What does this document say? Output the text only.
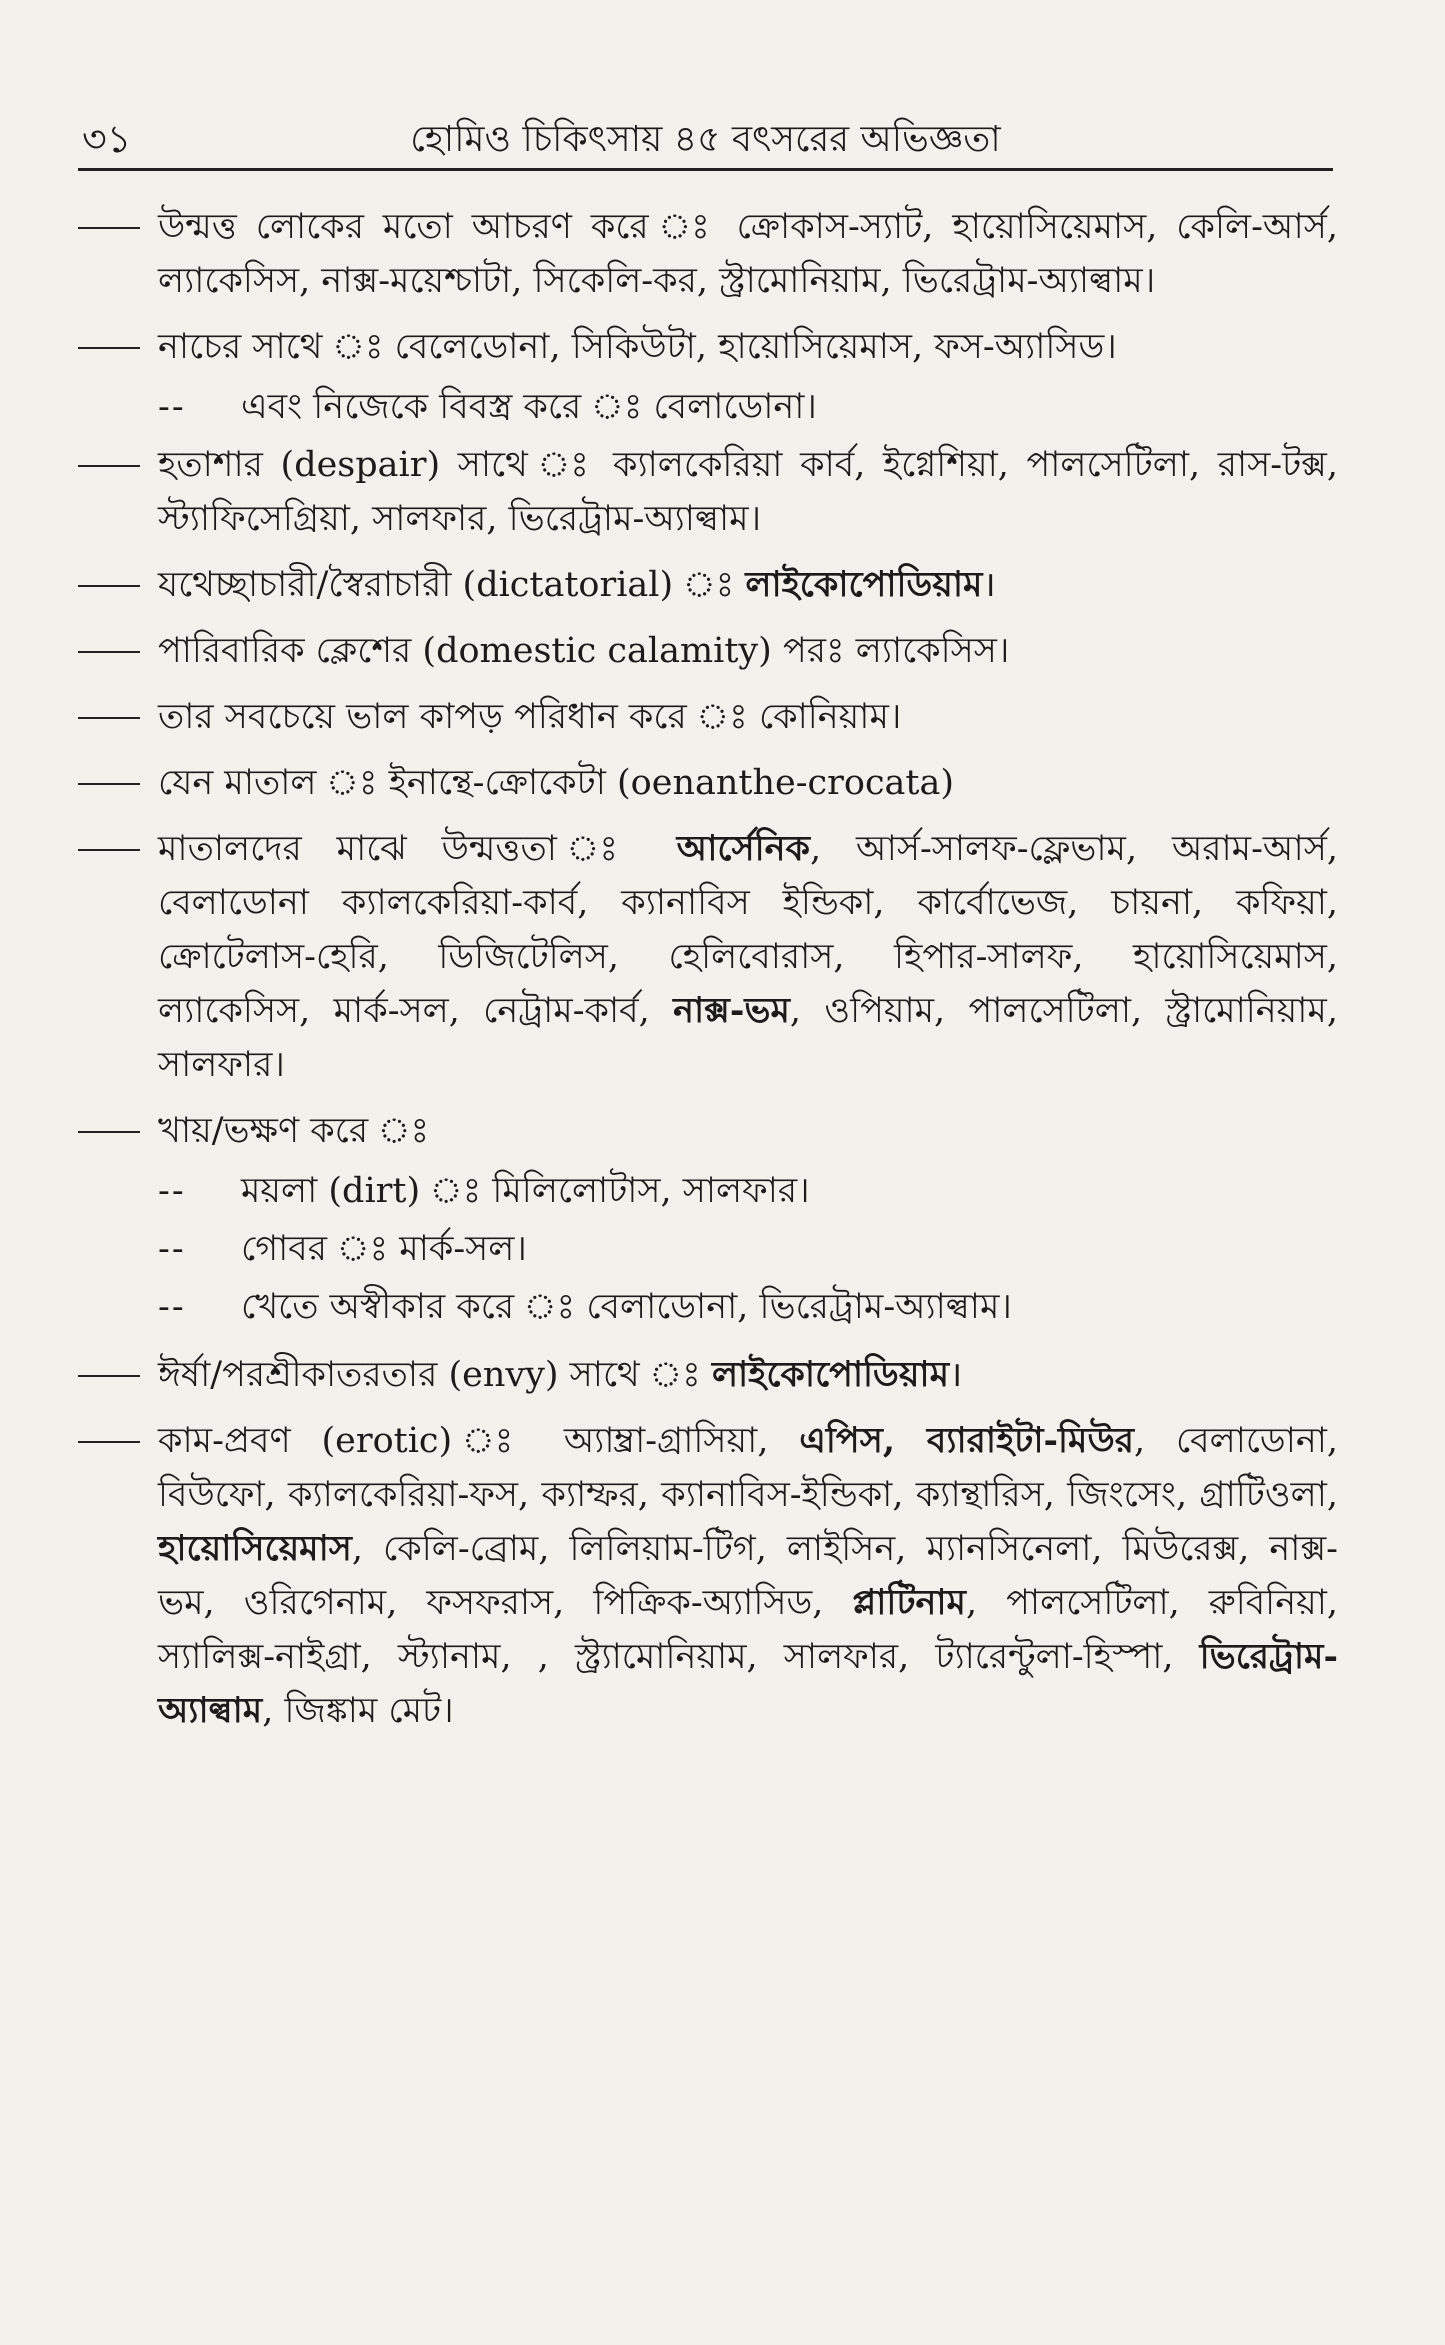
৩১	হোমিও চিকিৎসায় ৪৫ বৎসরের অভিজ্ঞতা
উন্মত্ত লোকের মতো আচরণ করে ঃ ক্রোকাস-স্যাট, হায়োসিয়েমাস, কেলি-আর্স, ল্যাকেসিস, নাক্স-ময়েশ্চাটা, সিকেলি-কর, স্ট্রামোনিয়াম, ভিরেট্রাম-অ্যাল্বাম।
নাচের সাথে ঃ বেলেডোনা, সিকিউটা, হায়োসিয়েমাস, ফস-অ্যাসিড।
-- এবং নিজেকে বিবস্ত্র করে ঃ বেলাডোনা।
হতাশার (despair) সাথে ঃ ক্যালকেরিয়া কার্ব, ইগ্নেশিয়া, পালসেটিলা, রাস-টক্স, স্ট্যাফিসেগ্রিয়া, সালফার, ভিরেট্রাম-অ্যাল্বাম।
যথেচ্ছাচারী/স্বৈরাচারী (dictatorial) ঃ লাইকোপোডিয়াম।
পারিবারিক ক্লেশের (domestic calamity) পরঃ ল্যাকেসিস।
তার সবচেয়ে ভাল কাপড় পরিধান করে ঃ কোনিয়াম।
যেন মাতাল ঃ ইনান্থে-ক্রোকেটা (oenanthe-crocata)
মাতালদের মাঝে উন্মত্ততা ঃ আর্সেনিক, আর্স-সালফ-ফ্লেভাম, অরাম-আর্স, বেলাডোনা ক্যালকেরিয়া-কার্ব, ক্যানাবিস ইন্ডিকা, কার্বোভেজ, চায়না, কফিয়া, ক্রোটেলাস-হেরি, ডিজিটেলিস, হেলিবোরাস, হিপার-সালফ, হায়োসিয়েমাস, ল্যাকেসিস, মার্ক-সল, নেট্রাম-কার্ব, নাক্স-ভম, ওপিয়াম, পালসেটিলা, স্ট্রামোনিয়াম, সালফার।
খায়/ভক্ষণ করে ঃ
-- ময়লা (dirt) ঃ মিলিলোটাস, সালফার।
-- গোবর ঃ মার্ক-সল।
-- খেতে অস্বীকার করে ঃ বেলাডোনা, ভিরেট্রাম-অ্যাল্বাম।
ঈর্ষা/পরশ্রীকাতরতার (envy) সাথে ঃ লাইকোপোডিয়াম।
কাম-প্রবণ (erotic) ঃ অ্যাম্ব্রা-গ্রাসিয়া, এপিস, ব্যারাইটা-মিউর, বেলাডোনা, বিউফো, ক্যালকেরিয়া-ফস, ক্যাম্ফর, ক্যানাবিস-ইন্ডিকা, ক্যান্থারিস, জিংসেং, গ্রাটিওলা, হায়োসিয়েমাস, কেলি-ব্রোম, লিলিয়াম-টিগ, লাইসিন, ম্যানসিনেলা, মিউরেক্স, নাক্স-ভম, ওরিগেনাম, ফসফরাস, পিক্রিক-অ্যাসিড, প্লাটিনাম, পালসেটিলা, রুবিনিয়া, স্যালিক্স-নাইগ্রা, স্ট্যানাম, , স্ট্র্যামোনিয়াম, সালফার, ট্যারেন্টুলা-হিস্পা, ভিরেট্রাম-অ্যাল্বাম, জিঙ্কাম মেট।
